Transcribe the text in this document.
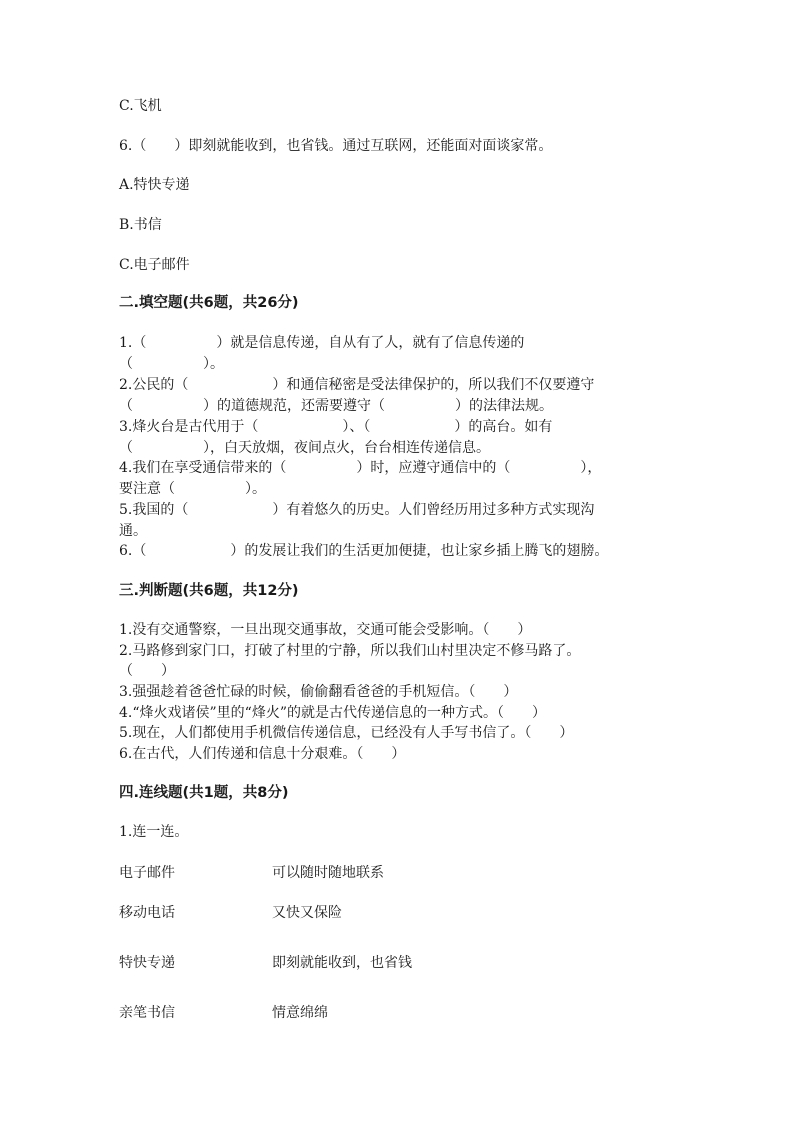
C.飞机
6.（　　）即刻就能收到，也省钱。通过互联网，还能面对面谈家常。
A.特快专递
B.书信
C.电子邮件
二.填空题(共6题，共26分)
1.（　　　　　）就是信息传递，自从有了人，就有了信息传递的
（　　　　　）。
2.公民的（　　　　　　）和通信秘密是受法律保护的，所以我们不仅要遵守
（　　　　　）的道德规范，还需要遵守（　　　　　）的法律法规。
3.烽火台是古代用于（　　　　　　）、（　　　　　　）的高台。如有
（　　　　　），白天放烟，夜间点火，台台相连传递信息。
4.我们在享受通信带来的（　　　　　）时，应遵守通信中的（　　　　　），
要注意（　　　　　）。
5.我国的（　　　　　　）有着悠久的历史。人们曾经历用过多种方式实现沟
通。
6.（　　　　　　）的发展让我们的生活更加便捷，也让家乡插上腾飞的翅膀。
三.判断题(共6题，共12分)
1.没有交通警察，一旦出现交通事故，交通可能会受影响。（　　）
2.马路修到家门口，打破了村里的宁静，所以我们山村里决定不修马路了。
（　　）
3.强强趁着爸爸忙碌的时候，偷偷翻看爸爸的手机短信。（　　）
4.“烽火戏诸侯”里的“烽火”的就是古代传递信息的一种方式。（　　）
5.现在，人们都使用手机微信传递信息，已经没有人手写书信了。（　　）
6.在古代，人们传递和信息十分艰难。（　　）
四.连线题(共1题，共8分)
1.连一连。
电子邮件	可以随时随地联系
移动电话	又快又保险
特快专递	即刻就能收到，也省钱
亲笔书信	情意绵绵
